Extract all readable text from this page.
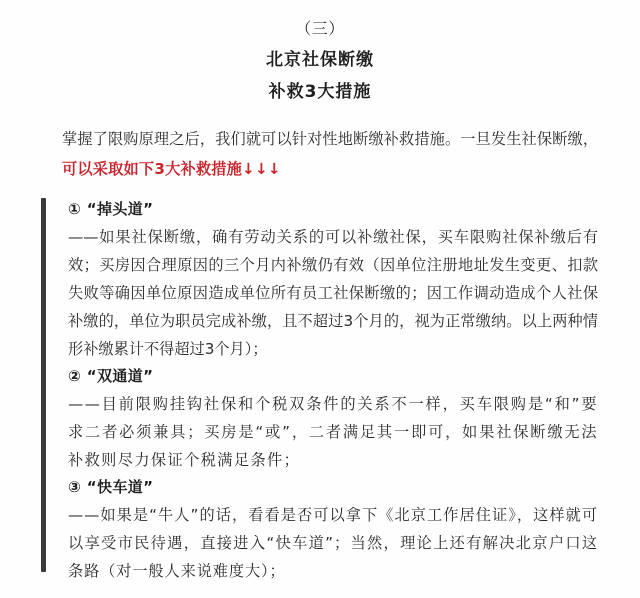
（三）
北京社保断缴
补救3大措施

掌握了限购原理之后，我们就可以针对性地断缴补救措施。一旦发生社保断缴，可以采取如下3大补救措施↓↓↓

① “掉头道”

——如果社保断缴，确有劳动关系的可以补缴社保，买车限购社保补缴后有效；买房因合理原因的三个月内补缴仍有效（因单位注册地址发生变更、扣款失败等确因单位原因造成单位所有员工社保断缴的；因工作调动造成个人社保补缴的，单位为职员完成补缴，且不超过3个月的，视为正常缴纳。以上两种情形补缴累计不得超过3个月）；

② “双通道”

——目前限购挂钩社保和个税双条件的关系不一样，买车限购是“和”要求二者必须兼具；买房是“或”，二者满足其一即可，如果社保断缴无法补救则尽力保证个税满足条件；

③ “快车道”

——如果是“牛人”的话，看看是否可以拿下《北京工作居住证》，这样就可以享受市民待遇，直接进入“快车道”；当然，理论上还有解决北京户口这条路（对一般人来说难度大）；
